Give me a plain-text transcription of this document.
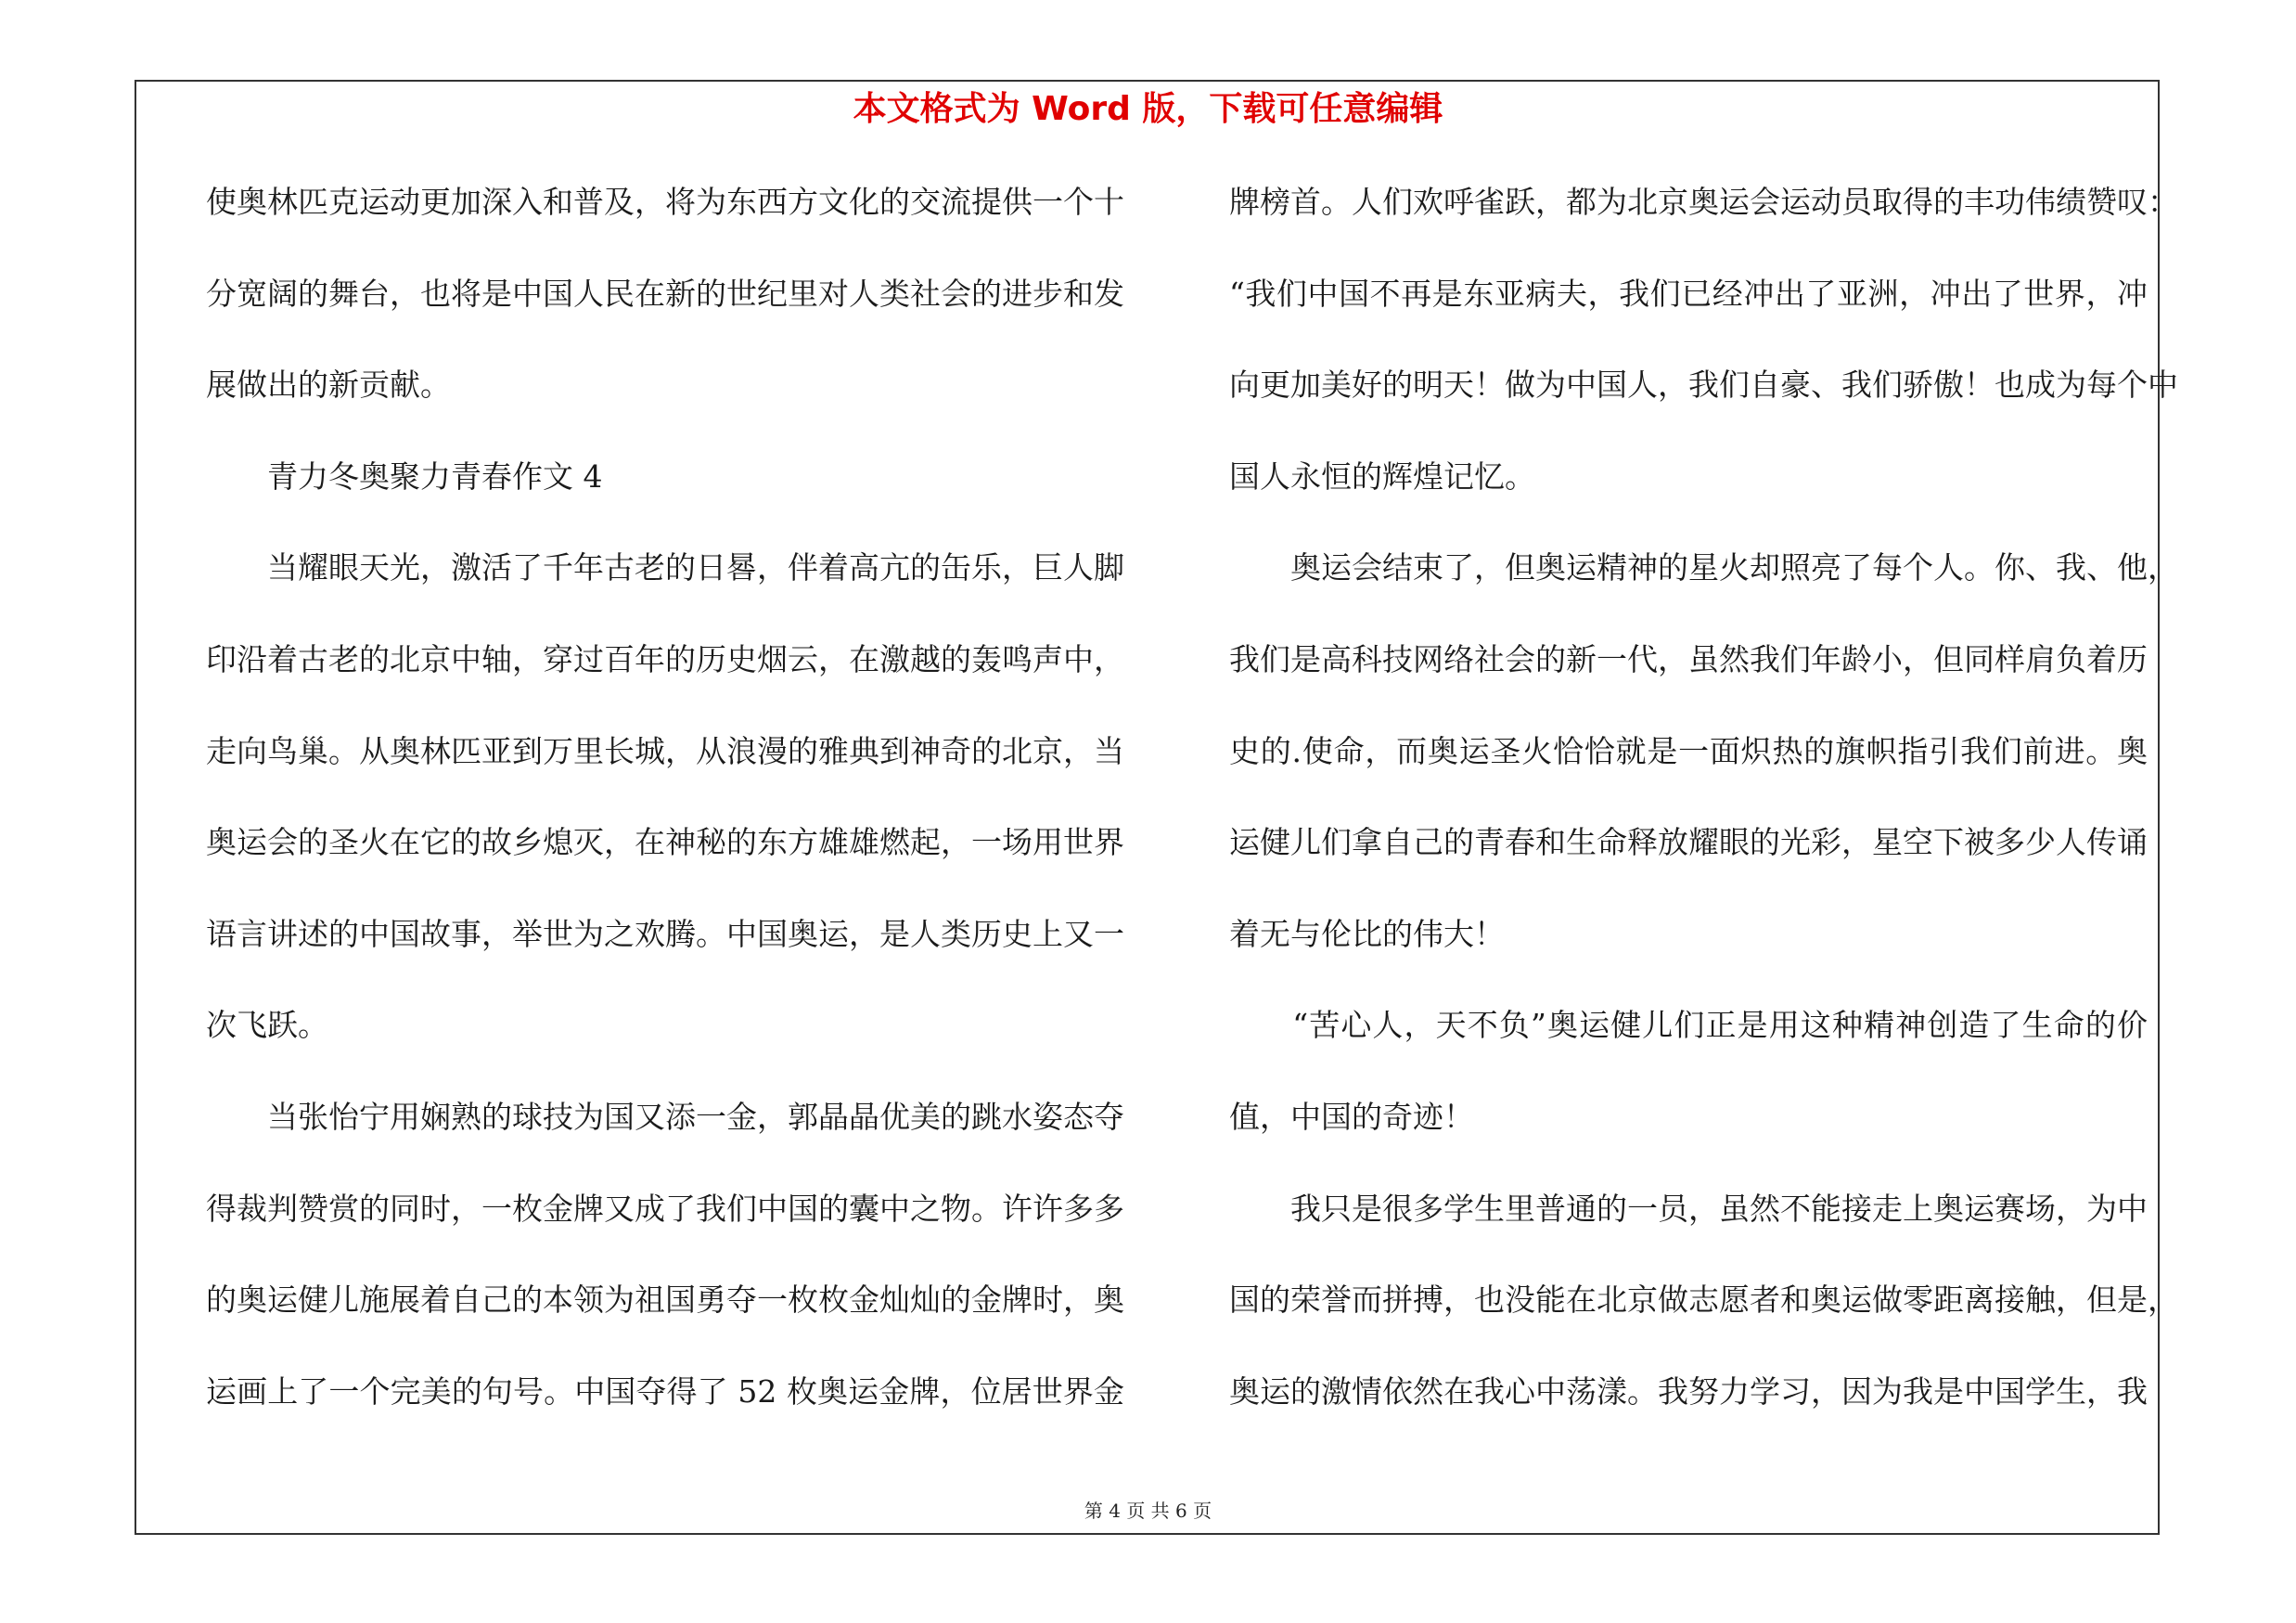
本文格式为 Word 版，下载可任意编辑
使奥林匹克运动更加深入和普及，将为东西方文化的交流提供一个十
分宽阔的舞台，也将是中国人民在新的世纪里对人类社会的进步和发
展做出的新贡献。
　　青力冬奥聚力青春作文 4
　　当耀眼天光，激活了千年古老的日晷，伴着高亢的缶乐，巨人脚
印沿着古老的北京中轴，穿过百年的历史烟云，在激越的轰鸣声中，
走向鸟巢。从奥林匹亚到万里长城，从浪漫的雅典到神奇的北京，当
奥运会的圣火在它的故乡熄灭，在神秘的东方雄雄燃起，一场用世界
语言讲述的中国故事，举世为之欢腾。中国奥运，是人类历史上又一
次飞跃。
　　当张怡宁用娴熟的球技为国又添一金，郭晶晶优美的跳水姿态夺
得裁判赞赏的同时，一枚金牌又成了我们中国的囊中之物。许许多多
的奥运健儿施展着自己的本领为祖国勇夺一枚枚金灿灿的金牌时，奥
运画上了一个完美的句号。中国夺得了 52 枚奥运金牌，位居世界金
牌榜首。人们欢呼雀跃，都为北京奥运会运动员取得的丰功伟绩赞叹：
“我们中国不再是东亚病夫，我们已经冲出了亚洲，冲出了世界，冲
向更加美好的明天！做为中国人，我们自豪、我们骄傲！也成为每个中
国人永恒的辉煌记忆。
　　奥运会结束了，但奥运精神的星火却照亮了每个人。你、我、他，
我们是高科技网络社会的新一代，虽然我们年龄小，但同样肩负着历
史的.使命，而奥运圣火恰恰就是一面炽热的旗帜指引我们前进。奥
运健儿们拿自己的青春和生命释放耀眼的光彩，星空下被多少人传诵
着无与伦比的伟大！
　　“苦心人，天不负”奥运健儿们正是用这种精神创造了生命的价
值，中国的奇迹！
　　我只是很多学生里普通的一员，虽然不能接走上奥运赛场，为中
国的荣誉而拼搏，也没能在北京做志愿者和奥运做零距离接触，但是，
奥运的激情依然在我心中荡漾。我努力学习，因为我是中国学生，我
第 4 页 共 6 页
